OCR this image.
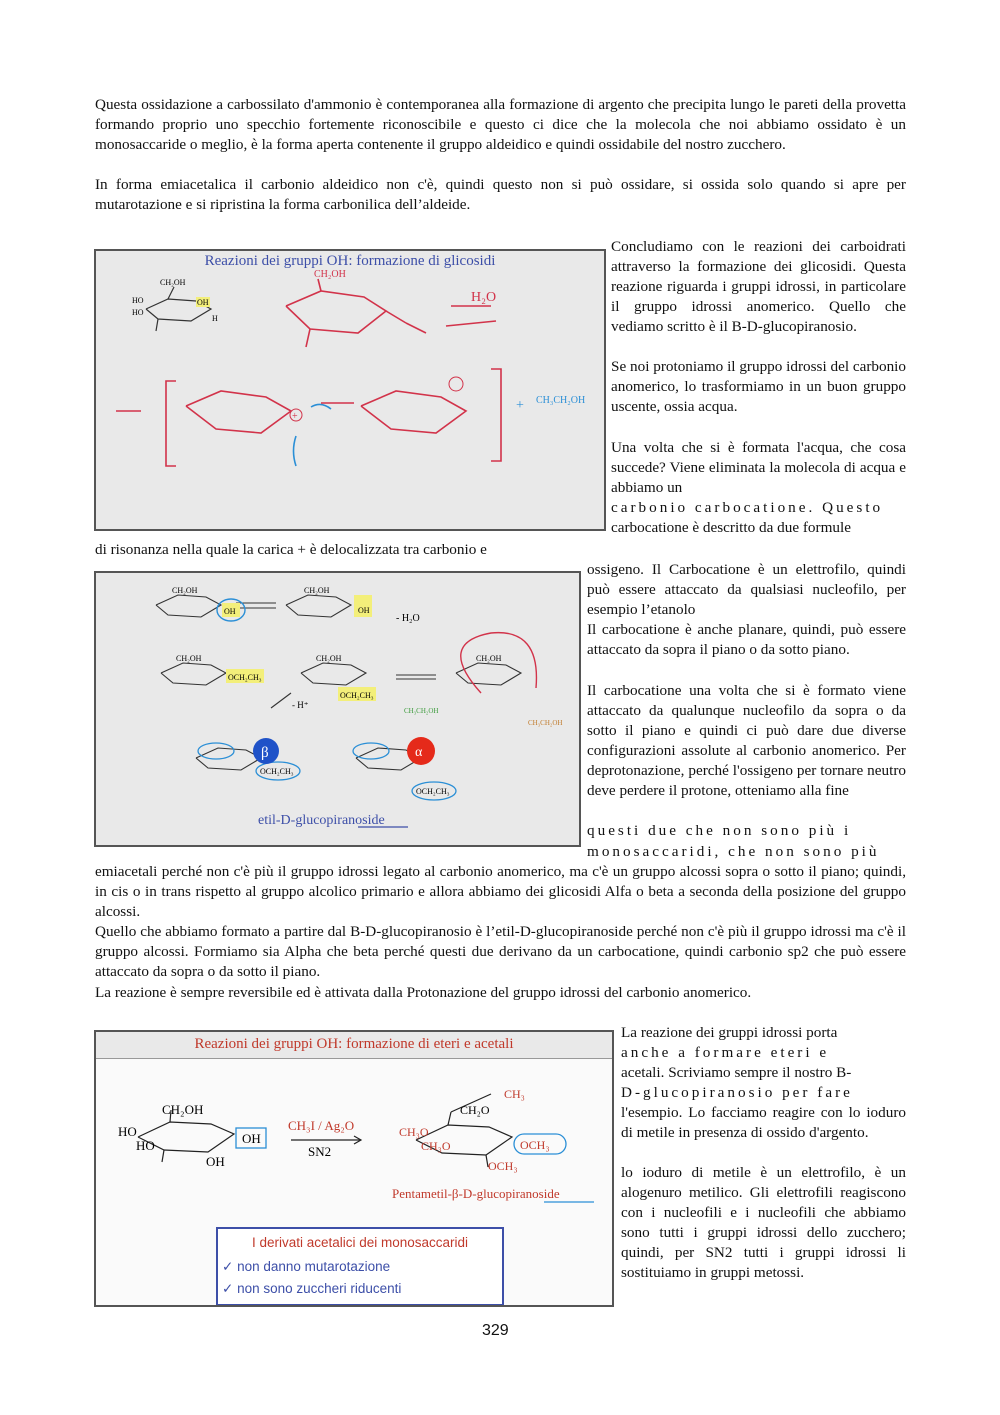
Questa ossidazione a carbossilato d'ammonio è contemporanea alla formazione di argento che precipita lungo le pareti della provetta formando proprio uno specchio fortemente riconoscibile e questo ci dice che la molecola che noi abbiamo ossidato è un monosaccaride o meglio, è la forma aperta contenente il gruppo aldeidico e quindi ossidabile del nostro zucchero.

In forma emiacetalica il carbonio aldeidico non c'è, quindi questo non si può ossidare, si ossida solo quando si apre per mutarotazione e si ripristina la forma carbonilica dell’aldeide.

Reazioni dei gruppi OH: formazione di glicosidi
CH₂OH
HO
HO
OH
H
CH₂OH
H₂O
+
+ CH₃CH₂OH

Concludiamo con le reazioni dei carboidrati attraverso la formazione dei glicosidi. Questa reazione riguarda i gruppi idrossi, in particolare il gruppo idrossi anomerico. Quello che vediamo scritto è il B-D-glucopiranosio.

Se noi protoniamo il gruppo idrossi del carbonio anomerico, lo trasformiamo in un buon gruppo uscente, ossia acqua.

Una volta che si è formata l'acqua, che cosa succede? Viene eliminata la molecola di acqua e abbiamo un

carbonio carbocatione. Questo

carbocatione è descritto da due formule

di risonanza nella quale la carica + è delocalizzata tra carbonio e

CH₂OH	CH₂OH
CH₂OH	CH₂OH	CH₂OH
OH	OH
- H₂O
OCH₂CH₃
OCH₂CH₃
- H⁺
CH₃CH₂OH
CH₃CH₂OH
OCH₂CH₃
OCH₂CH₃
β	α
etil-D-glucopiranoside

ossigeno. Il Carbocatione è un elettrofilo, quindi può essere attaccato da qualsiasi nucleofilo, per esempio l’etanolo

Il carbocatione è anche planare, quindi, può essere attaccato da sopra il piano o da sotto piano.

Il carbocatione una volta che si è formato viene attaccato da qualunque nucleofilo da sopra o da sotto il piano e quindi ci può dare due diverse configurazioni assolute al carbonio anomerico. Per deprotonazione, perché l'ossigeno per tornare neutro deve perdere il protone, otteniamo alla fine

questi due che non sono più i

monosaccaridi, che non sono più

emiacetali perché non c'è più il gruppo idrossi legato al carbonio anomerico, ma c'è un gruppo alcossi sopra o sotto il piano; quindi, in cis o in trans rispetto al gruppo alcolico primario e allora abbiamo dei glicosidi Alfa o beta a seconda della posizione del gruppo alcossi.

Quello che abbiamo formato a partire dal B-D-glucopiranosio è l’etil-D-glucopiranoside perché non c'è più il gruppo idrossi ma c'è il gruppo alcossi. Formiamo sia Alpha che beta perché questi due derivano da un carbocatione, quindi carbonio sp2 che può essere attaccato da sopra o da sotto il piano.

La reazione è sempre reversibile ed è attivata dalla Protonazione del gruppo idrossi del carbonio anomerico.

Reazioni dei gruppi OH: formazione di eteri e acetali
CH₂OH
HO
HO
OH
OH
CH₃I / Ag₂O
SN2
CH₃
CH₂O
CH₃O
CH₃O	OCH₃
OCH₃
Pentametil-β-D-glucopiranoside
I derivati acetalici dei monosaccaridi
✓ non danno mutarotazione
✓ non sono zuccheri riducenti

La reazione dei gruppi idrossi porta

anche a formare eteri e

acetali. Scriviamo sempre il nostro B-

D-glucopiranosio per fare

l'esempio. Lo facciamo reagire con lo ioduro di metile in presenza di ossido d'argento.

lo ioduro di metile è un elettrofilo, è un alogenuro metilico. Gli elettrofili reagiscono con i nucleofili e i nucleofili che abbiamo sono tutti i gruppi idrossi dello zucchero; quindi, per SN2 tutti i gruppi idrossi li sostituiamo in gruppi metossi.

329
